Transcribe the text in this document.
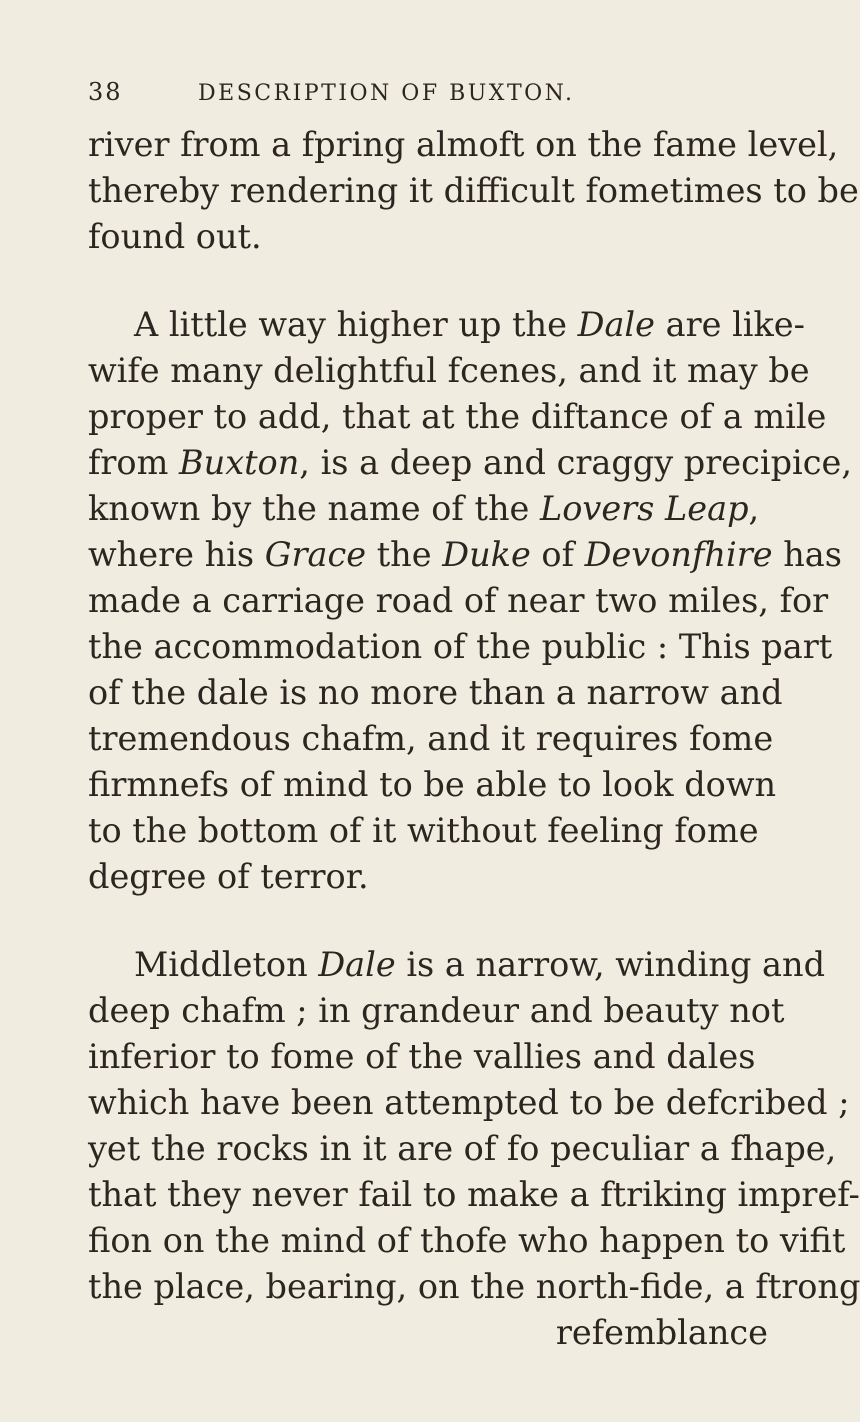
38	DESCRIPTION OF BUXTON.
river from a fpring almoft on the fame level,
thereby rendering it difficult fometimes to be
found out.
A little way higher up the Dale are like-
wife many delightful fcenes, and it may be
proper to add, that at the diftance of a mile
from Buxton, is a deep and craggy precipice,
known by the name of the Lovers Leap,
where his Grace the Duke of Devonfhire has
made a carriage road of near two miles, for
the accommodation of the public : This part
of the dale is no more than a narrow and
tremendous chafm, and it requires fome
firmnefs of mind to be able to look down
to the bottom of it without feeling fome
degree of terror.
Middleton Dale is a narrow, winding and
deep chafm ; in grandeur and beauty not
inferior to fome of the vallies and dales
which have been attempted to be defcribed ;
yet the rocks in it are of fo peculiar a fhape,
that they never fail to make a ftriking impref-
fion on the mind of thofe who happen to vifit
the place, bearing, on the north-fide, a ftrong
refemblance
